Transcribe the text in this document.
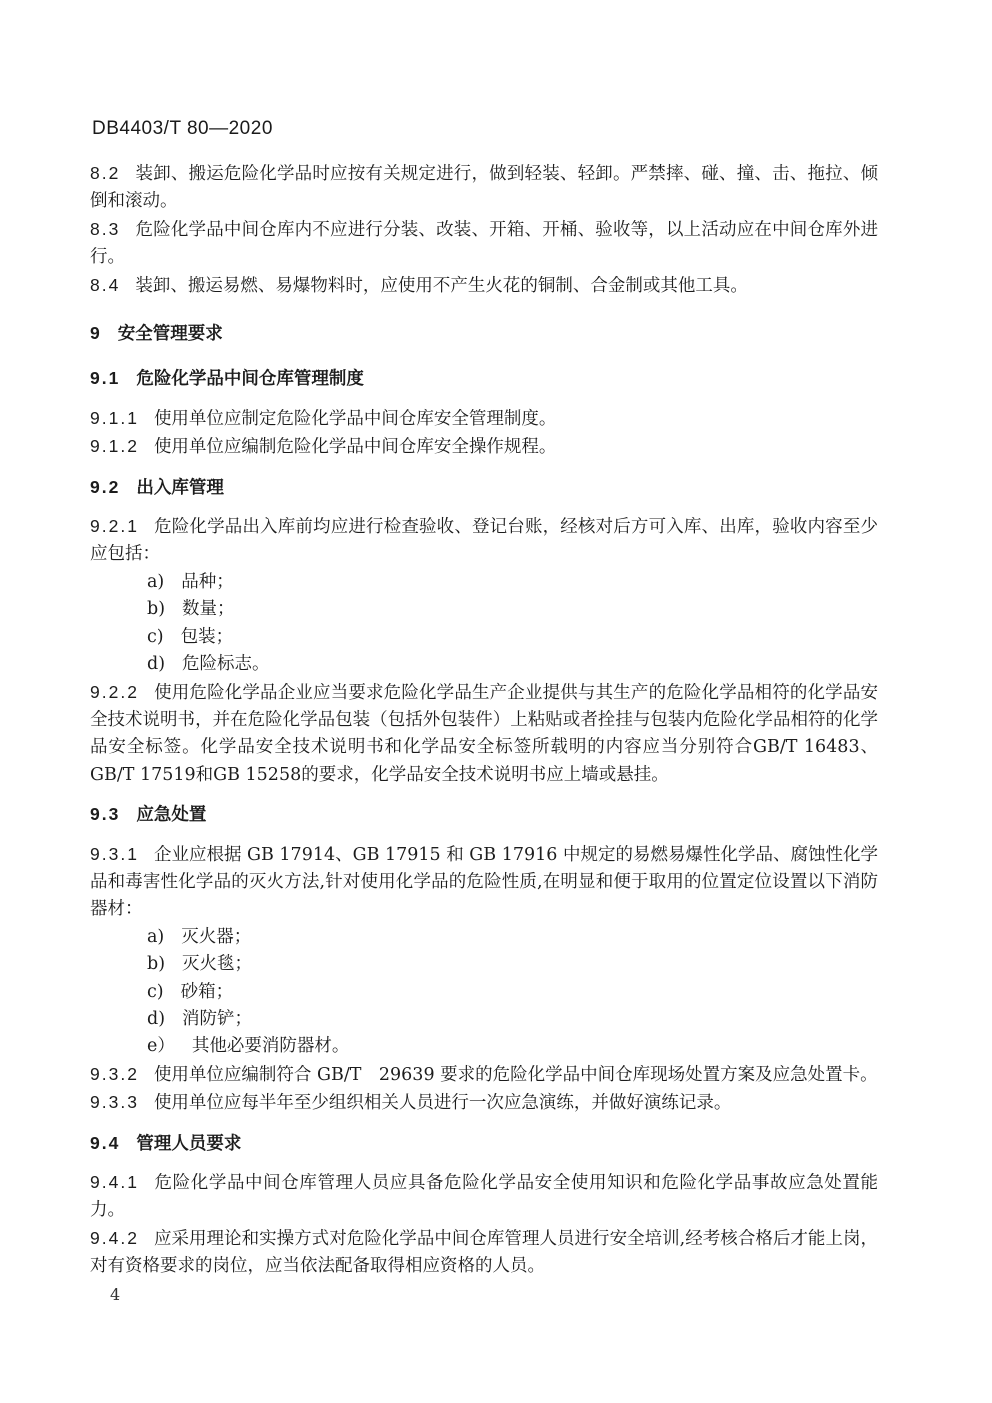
DB4403/T 80—2020
8.2 装卸、搬运危险化学品时应按有关规定进行，做到轻装、轻卸。严禁摔、碰、撞、击、拖拉、倾倒和滚动。
8.3 危险化学品中间仓库内不应进行分装、改装、开箱、开桶、验收等，以上活动应在中间仓库外进行。
8.4 装卸、搬运易燃、易爆物料时，应使用不产生火花的铜制、合金制或其他工具。
9 安全管理要求
9.1 危险化学品中间仓库管理制度
9.1.1 使用单位应制定危险化学品中间仓库安全管理制度。
9.1.2 使用单位应编制危险化学品中间仓库安全操作规程。
9.2 出入库管理
9.2.1 危险化学品出入库前均应进行检查验收、登记台账，经核对后方可入库、出库，验收内容至少应包括：
a) 品种；
b) 数量；
c) 包装；
d) 危险标志。
9.2.2 使用危险化学品企业应当要求危险化学品生产企业提供与其生产的危险化学品相符的化学品安全技术说明书，并在危险化学品包装（包括外包装件）上粘贴或者拴挂与包装内危险化学品相符的化学品安全标签。化学品安全技术说明书和化学品安全标签所载明的内容应当分别符合GB/T 16483、GB/T 17519和GB 15258的要求，化学品安全技术说明书应上墙或悬挂。
9.3 应急处置
9.3.1 企业应根据 GB 17914、GB 17915 和 GB 17916 中规定的易燃易爆性化学品、腐蚀性化学品和毒害性化学品的灭火方法,针对使用化学品的危险性质,在明显和便于取用的位置定位设置以下消防器材：
a) 灭火器；
b) 灭火毯；
c) 砂箱；
d) 消防铲；
e） 其他必要消防器材。
9.3.2 使用单位应编制符合 GB/T　29639 要求的危险化学品中间仓库现场处置方案及应急处置卡。
9.3.3 使用单位应每半年至少组织相关人员进行一次应急演练，并做好演练记录。
9.4 管理人员要求
9.4.1 危险化学品中间仓库管理人员应具备危险化学品安全使用知识和危险化学品事故应急处置能力。
9.4.2 应采用理论和实操方式对危险化学品中间仓库管理人员进行安全培训,经考核合格后才能上岗，对有资格要求的岗位，应当依法配备取得相应资格的人员。
4
